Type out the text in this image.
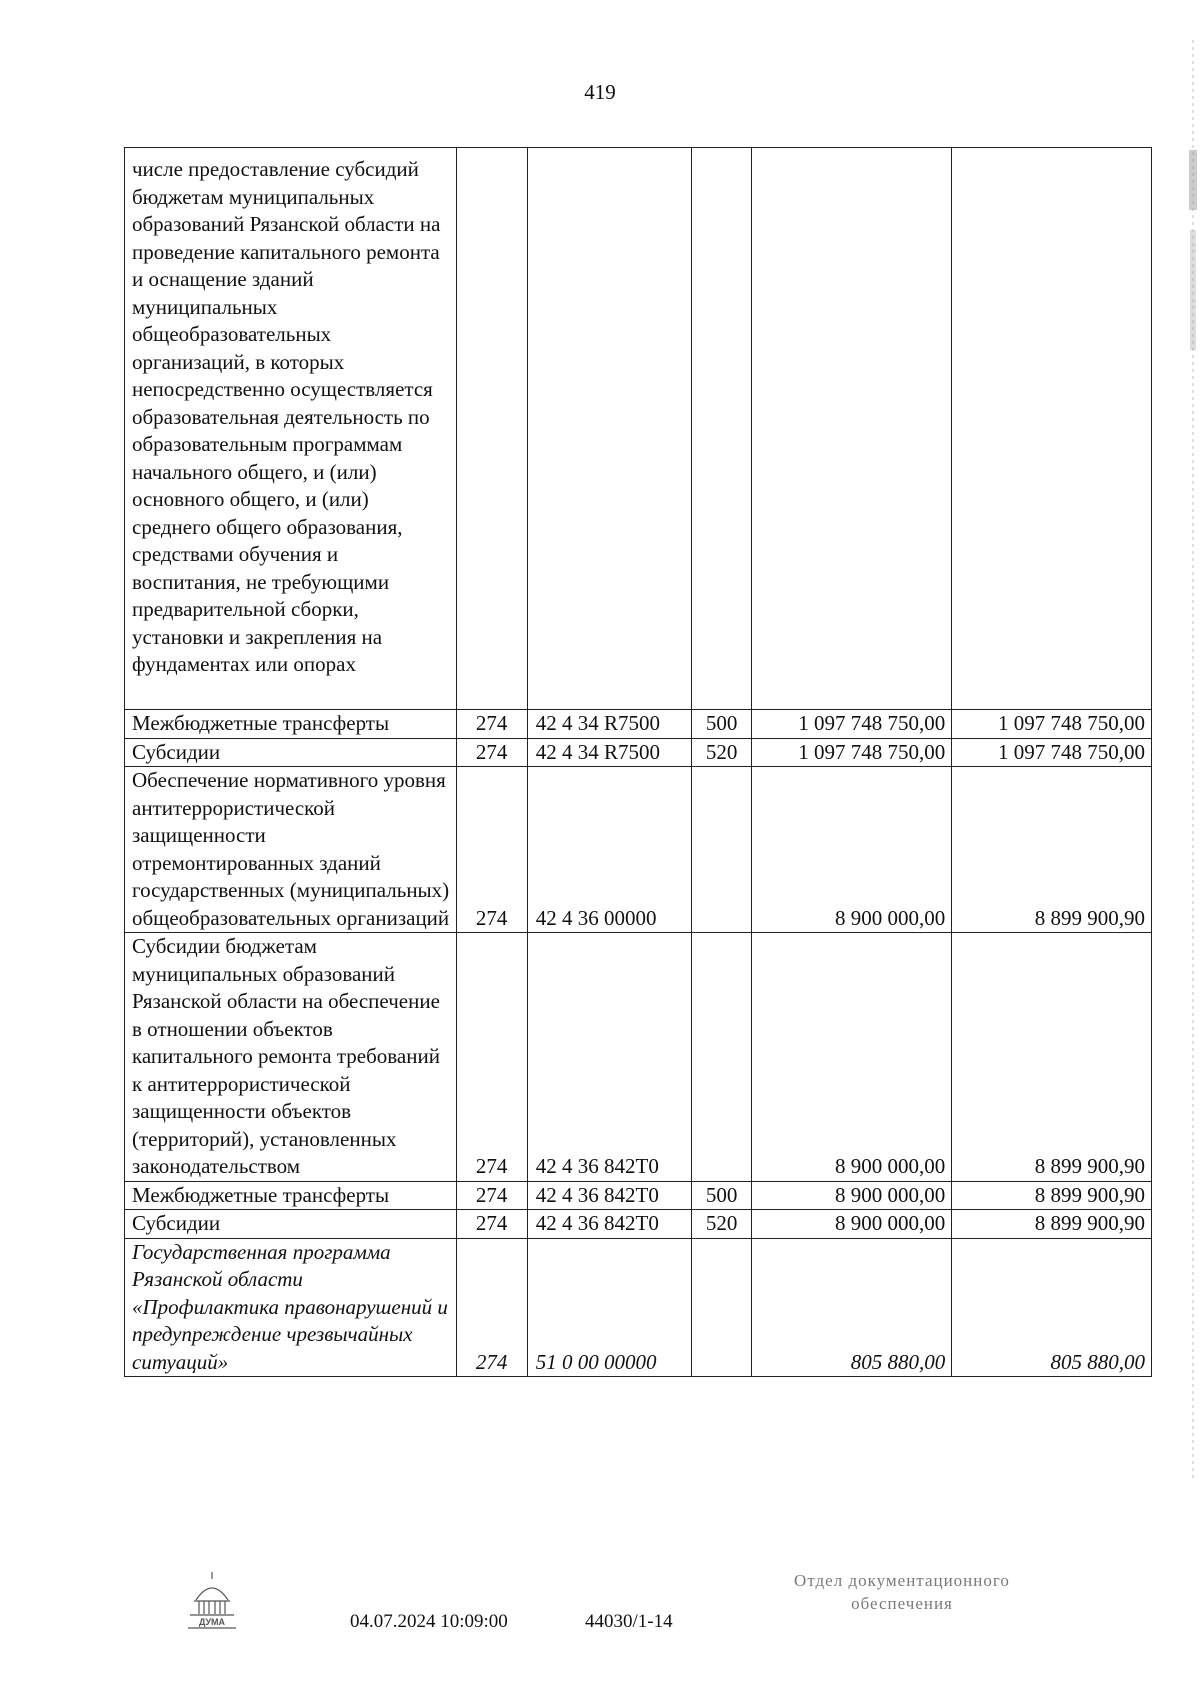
419
числе предоставление субсидий бюджетам муниципальных образований Рязанской области на проведение капитального ремонта и оснащение зданий муниципальных общеобразовательных организаций, в которых непосредственно осуществляется образовательная деятельность по образовательным программам начального общего, и (или) основного общего, и (или) среднего общего образования, средствами обучения и воспитания, не требующими предварительной сборки, установки и закрепления на фундаментах или опорах					
Межбюджетные трансферты	274	42 4 34 R7500	500	1 097 748 750,00	1 097 748 750,00
Субсидии	274	42 4 34 R7500	520	1 097 748 750,00	1 097 748 750,00
Обеспечение нормативного уровня антитеррористической защищенности отремонтированных зданий государственных (муниципальных) общеобразовательных организаций	274	42 4 36 00000		8 900 000,00	8 899 900,90
Субсидии бюджетам муниципальных образований Рязанской области на обеспечение в отношении объектов капитального ремонта требований к антитеррористической защищенности объектов (территорий), установленных законодательством	274	42 4 36 842T0		8 900 000,00	8 899 900,90
Межбюджетные трансферты	274	42 4 36 842T0	500	8 900 000,00	8 899 900,90
Субсидии	274	42 4 36 842T0	520	8 900 000,00	8 899 900,90
Государственная программа Рязанской области «Профилактика правонарушений и предупреждение чрезвычайных ситуаций»	274	51 0 00 00000		805 880,00	805 880,00
ДУМА	04.07.2024 10:09:00	44030/1-14
Отдел документационного
обеспечения
